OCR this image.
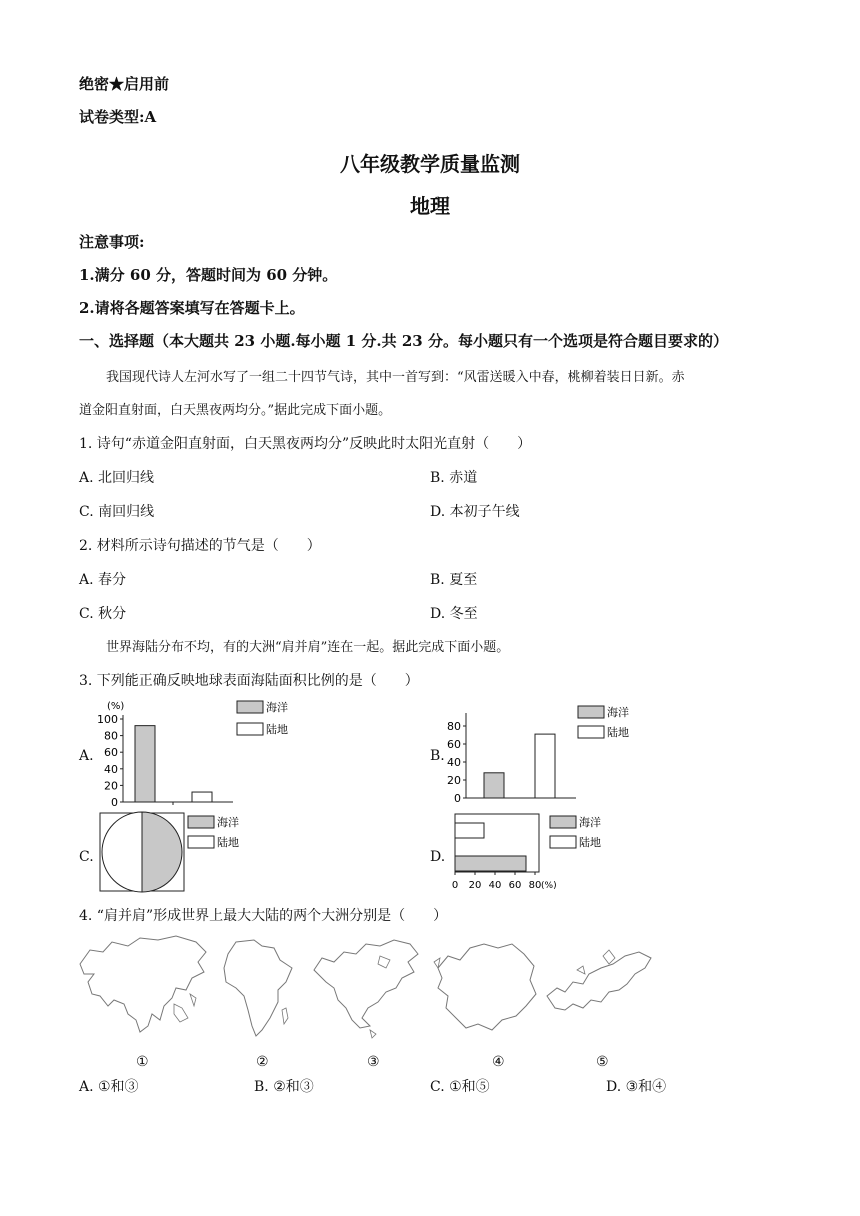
绝密★启用前
试卷类型:A
八年级教学质量监测
地理
注意事项:
1.满分 60 分，答题时间为 60 分钟。
2.请将各题答案填写在答题卡上。
一、选择题（本大题共 23 小题.每小题 1 分.共 23 分。每小题只有一个选项是符合题目要求的）
我国现代诗人左河水写了一组二十四节气诗，其中一首写到：“风雷送暖入中春，桃柳着装日日新。赤
道金阳直射面，白天黑夜两均分。”据此完成下面小题。
1. 诗句“赤道金阳直射面，白天黑夜两均分”反映此时太阳光直射（　　）
A. 北回归线	B. 赤道
C. 南回归线	D. 本初子午线
2. 材料所示诗句描述的节气是（　　）
A. 春分	B. 夏至
C. 秋分	D. 冬至
世界海陆分布不均，有的大洲“肩并肩”连在一起。据此完成下面小题。
3. 下列能正确反映地球表面海陆面积比例的是（　　）
A.	B.
C.	D.
0
20
40
60
80
100
(%)	海洋
陆地
0
20
40
60
80
海洋
陆地
海洋
陆地
0 20 40 60 80 (%)
海洋
陆地
4. “肩并肩”形成世界上最大大陆的两个大洲分别是（　　）
①	②	③	④	⑤
A. ①和③	B. ②和③	C. ①和⑤	D. ③和④
